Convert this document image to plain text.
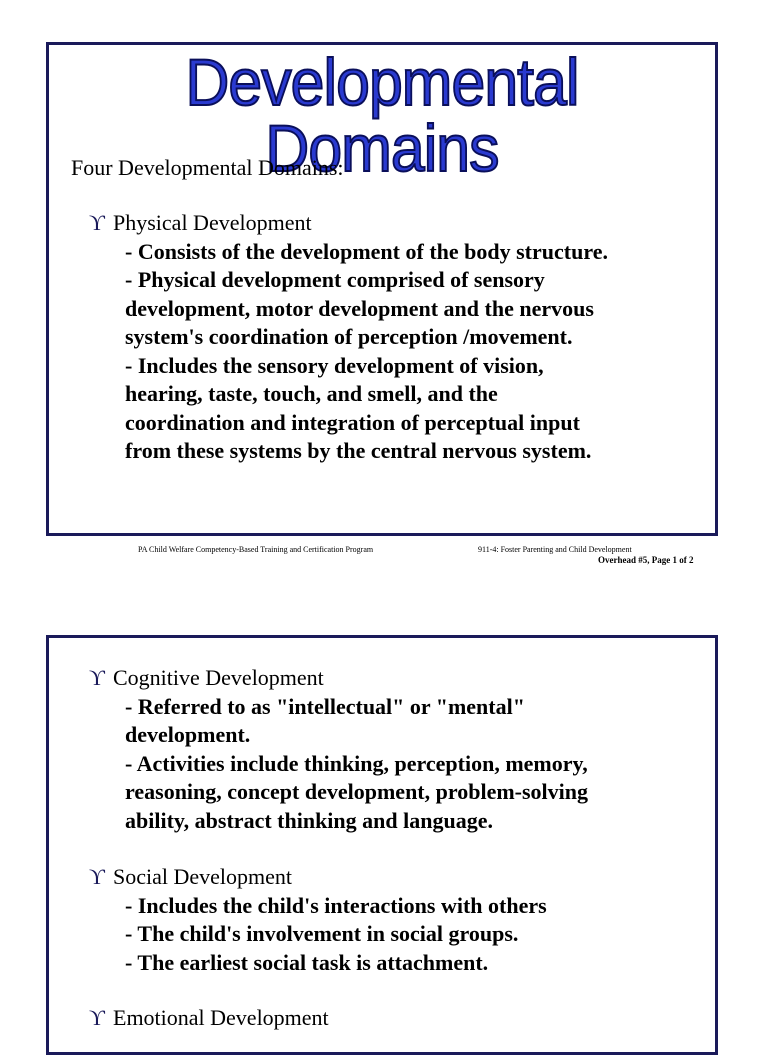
Developmental Domains
Four Developmental Domains:
ϒ Physical Development
- Consists of the development of the body structure.
- Physical development comprised of sensory
development, motor development and the nervous
system's coordination of perception /movement.
- Includes the sensory development of vision,
hearing, taste, touch, and smell, and the
coordination and integration of perceptual input
from these systems by the central nervous system.
PA Child Welfare Competency-Based Training and Certification Program	911-4: Foster Parenting and Child Development
Overhead #5, Page 1 of 2
ϒ Cognitive Development
- Referred to as "intellectual" or "mental"
development.
- Activities include thinking, perception, memory,
reasoning, concept development, problem-solving
ability, abstract thinking and language.
ϒ Social Development
- Includes the child's interactions with others
- The child's involvement in social groups.
- The earliest social task is attachment.
ϒ Emotional Development
